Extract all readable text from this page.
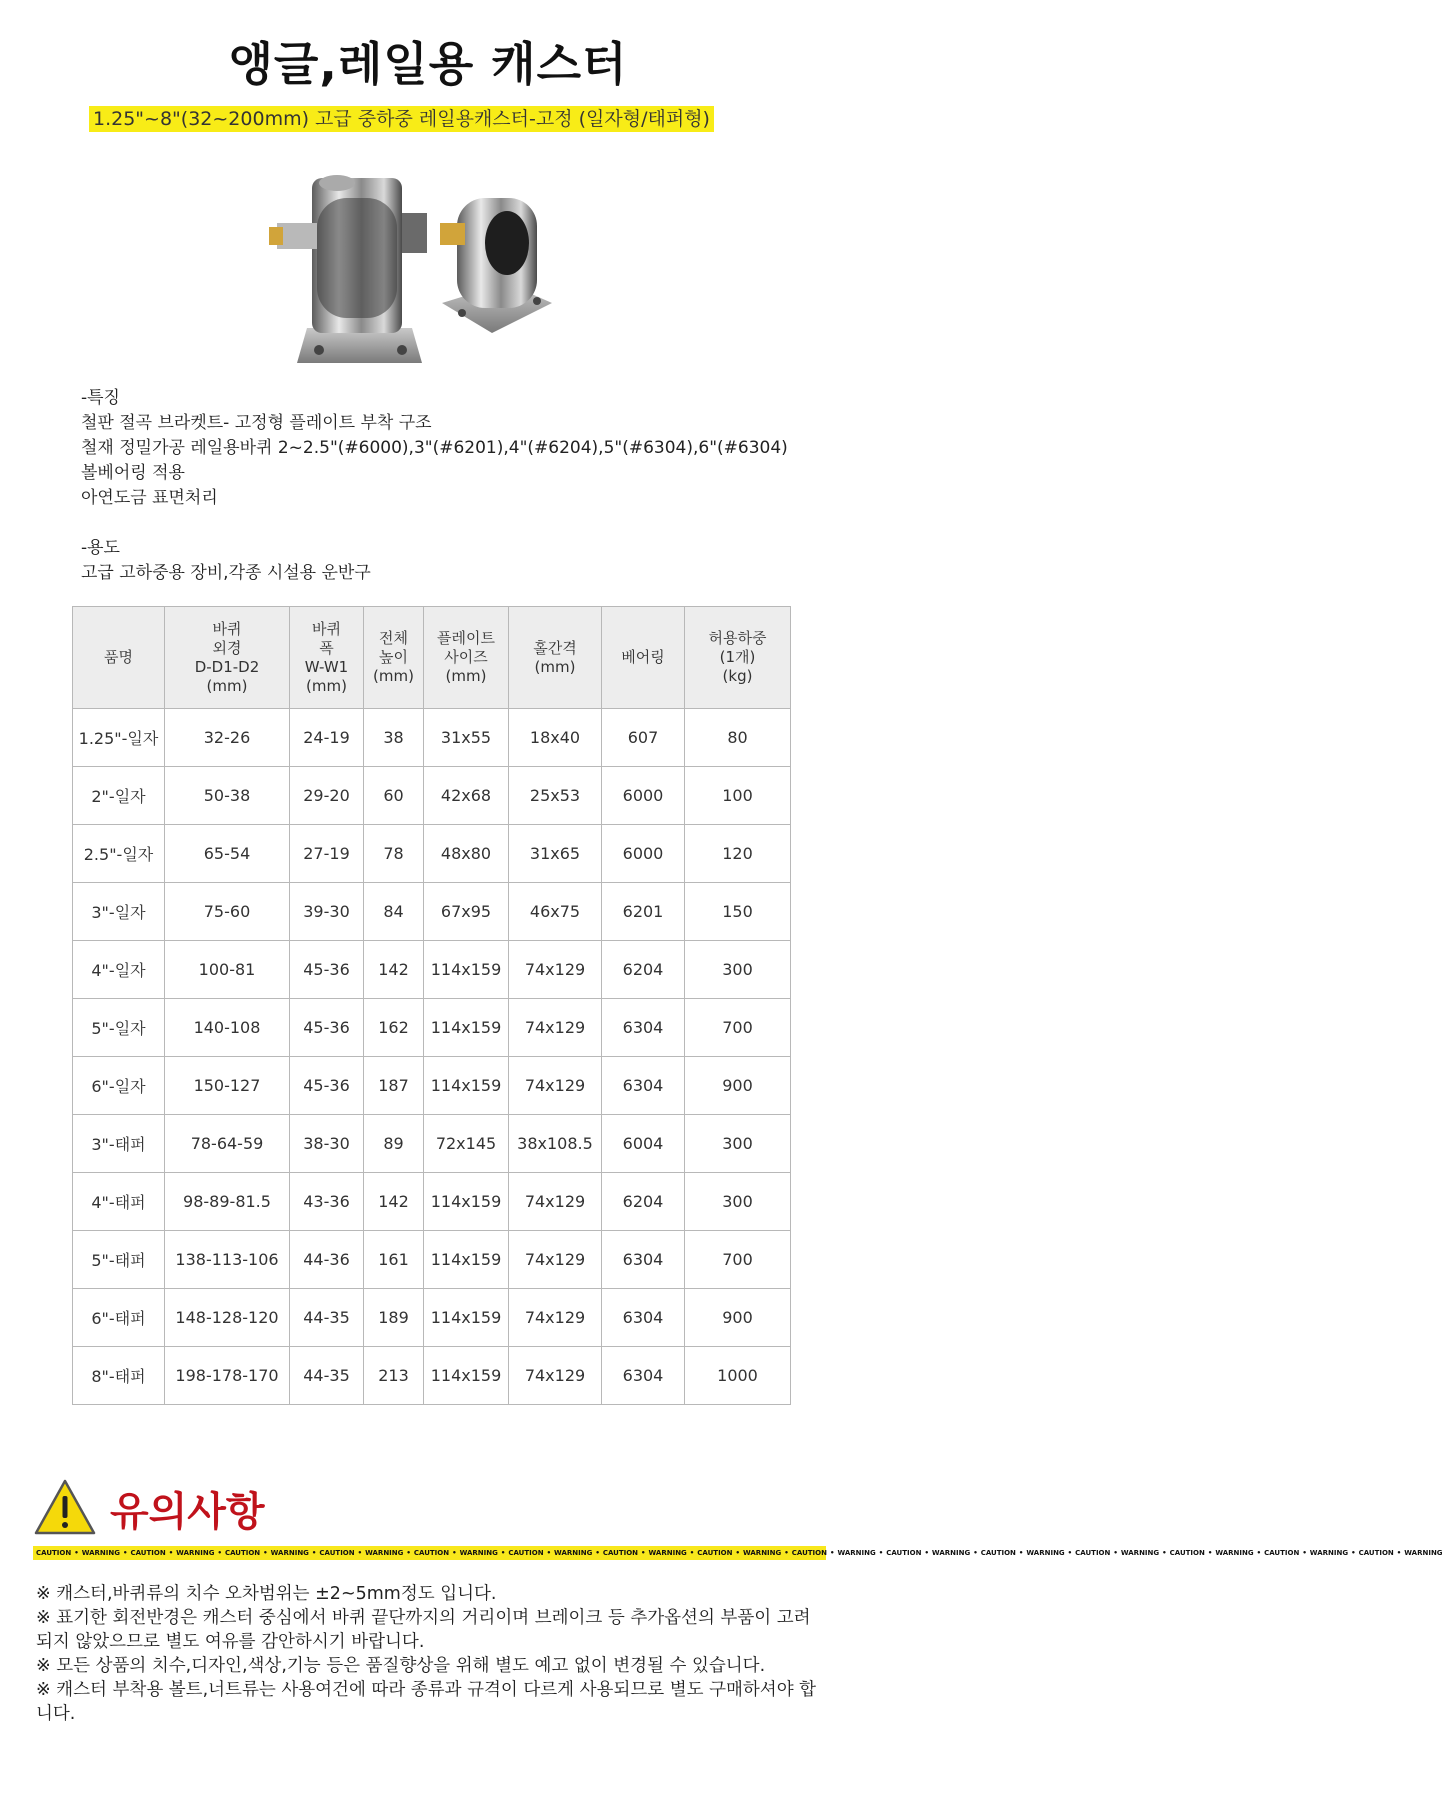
앵글,레일용 캐스터
1.25"~8"(32~200mm) 고급 중하중 레일용캐스터-고정 (일자형/태퍼형)
-특징
철판 절곡 브라켓트- 고정형 플레이트 부착 구조
철재 정밀가공 레일용바퀴 2~2.5"(#6000),3"(#6201),4"(#6204),5"(#6304),6"(#6304)
볼베어링 적용
아연도금 표면처리
-용도
고급 고하중용 장비,각종 시설용 운반구
품명	바퀴
외경
D-D1-D2
(mm)	바퀴
폭
W-W1
(mm)	전체
높이
(mm)	플레이트
사이즈
(mm)	홀간격
(mm)	베어링	허용하중
(1개)
(kg)
1.25"-일자	32-26	24-19	38	31x55	18x40	607	80
2"-일자	50-38	29-20	60	42x68	25x53	6000	100
2.5"-일자	65-54	27-19	78	48x80	31x65	6000	120
3"-일자	75-60	39-30	84	67x95	46x75	6201	150
4"-일자	100-81	45-36	142	114x159	74x129	6204	300
5"-일자	140-108	45-36	162	114x159	74x129	6304	700
6"-일자	150-127	45-36	187	114x159	74x129	6304	900
3"-태퍼	78-64-59	38-30	89	72x145	38x108.5	6004	300
4"-태퍼	98-89-81.5	43-36	142	114x159	74x129	6204	300
5"-태퍼	138-113-106	44-36	161	114x159	74x129	6304	700
6"-태퍼	148-128-120	44-35	189	114x159	74x129	6304	900
8"-태퍼	198-178-170	44-35	213	114x159	74x129	6304	1000
유의사항
CAUTION • WARNING • CAUTION • WARNING • CAUTION • WARNING • CAUTION • WARNING • CAUTION • WARNING • CAUTION • WARNING • CAUTION • WARNING • CAUTION • WARNING • CAUTION • WARNING • CAUTION • WARNING • CAUTION • WARNING • CAUTION • WARNING • CAUTION • WARNING • CAUTION • WARNING • CAUTION • WARNING
※ 캐스터,바퀴류의 치수 오차범위는 ±2~5mm정도 입니다.
※ 표기한 회전반경은 캐스터 중심에서 바퀴 끝단까지의 거리이며 브레이크 등 추가옵션의 부품이 고려되지 않았으므로 별도 여유를 감안하시기 바랍니다.
※ 모든 상품의 치수,디자인,색상,기능 등은 품질향상을 위해 별도 예고 없이 변경될 수 있습니다.
※ 캐스터 부착용 볼트,너트류는 사용여건에 따라 종류과 규격이 다르게 사용되므로 별도 구매하셔야 합니다.
